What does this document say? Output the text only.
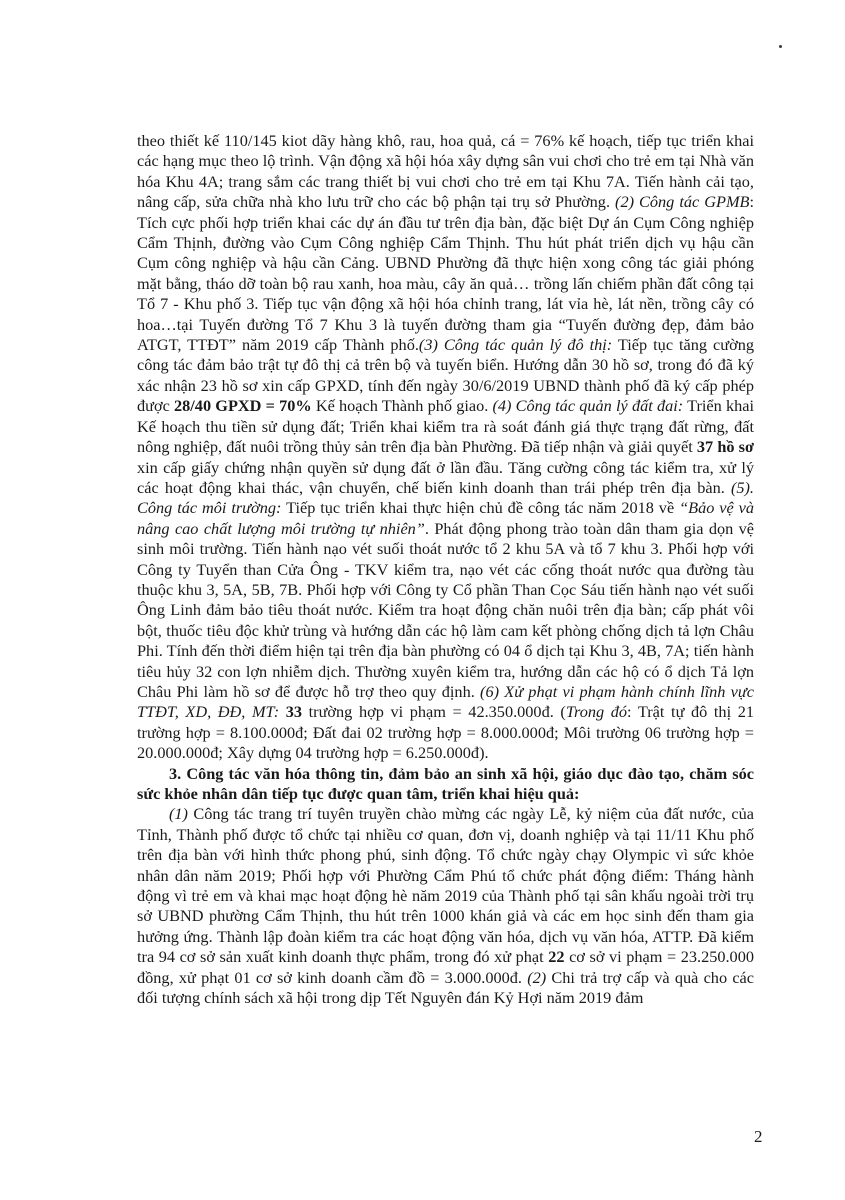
theo thiết kế 110/145 kiot dãy hàng khô, rau, hoa quả, cá = 76% kế hoạch, tiếp tục triển khai các hạng mục theo lộ trình. Vận động xã hội hóa xây dựng sân vui chơi cho trẻ em tại Nhà văn hóa Khu 4A; trang sắm các trang thiết bị vui chơi cho trẻ em tại Khu 7A. Tiến hành cải tạo, nâng cấp, sửa chữa nhà kho lưu trữ cho các bộ phận tại trụ sở Phường. (2) Công tác GPMB: Tích cực phối hợp triển khai các dự án đầu tư trên địa bàn, đặc biệt Dự án Cụm Công nghiệp Cẩm Thịnh, đường vào Cụm Công nghiệp Cẩm Thịnh. Thu hút phát triển dịch vụ hậu cần Cụm công nghiệp và hậu cần Cảng. UBND Phường đã thực hiện xong công tác giải phóng mặt bằng, tháo dỡ toàn bộ rau xanh, hoa màu, cây ăn quả… trồng lấn chiếm phần đất công tại Tổ 7 - Khu phố 3. Tiếp tục vận động xã hội hóa chỉnh trang, lát vỉa hè, lát nền, trồng cây có hoa…tại Tuyến đường Tổ 7 Khu 3 là tuyến đường tham gia “Tuyến đường đẹp, đảm bảo ATGT, TTĐT” năm 2019 cấp Thành phố.(3) Công tác quản lý đô thị: Tiếp tục tăng cường công tác đảm bảo trật tự đô thị cả trên bộ và tuyến biển. Hướng dẫn 30 hồ sơ, trong đó đã ký xác nhận 23 hồ sơ xin cấp GPXD, tính đến ngày 30/6/2019 UBND thành phố đã ký cấp phép được 28/40 GPXD = 70% Kế hoạch Thành phố giao. (4) Công tác quản lý đất đai: Triển khai Kế hoạch thu tiền sử dụng đất; Triển khai kiểm tra rà soát đánh giá thực trạng đất rừng, đất nông nghiệp, đất nuôi trồng thủy sản trên địa bàn Phường. Đã tiếp nhận và giải quyết 37 hồ sơ xin cấp giấy chứng nhận quyền sử dụng đất ở lần đầu. Tăng cường công tác kiểm tra, xử lý các hoạt động khai thác, vận chuyển, chế biến kinh doanh than trái phép trên địa bàn. (5). Công tác môi trường: Tiếp tục triển khai thực hiện chủ đề công tác năm 2018 về “Bảo vệ và nâng cao chất lượng môi trường tự nhiên”. Phát động phong trào toàn dân tham gia dọn vệ sinh môi trường. Tiến hành nạo vét suối thoát nước tổ 2 khu 5A và tổ 7 khu 3. Phối hợp với Công ty Tuyển than Cửa Ông - TKV kiểm tra, nạo vét các cống thoát nước qua đường tàu thuộc khu 3, 5A, 5B, 7B. Phối hợp với Công ty Cổ phần Than Cọc Sáu tiến hành nạo vét suối Ông Linh đảm bảo tiêu thoát nước. Kiểm tra hoạt động chăn nuôi trên địa bàn; cấp phát vôi bột, thuốc tiêu độc khử trùng và hướng dẫn các hộ làm cam kết phòng chống dịch tả lợn Châu Phi. Tính đến thời điểm hiện tại trên địa bàn phường có 04 ổ dịch tại Khu 3, 4B, 7A; tiến hành tiêu hủy 32 con lợn nhiễm dịch. Thường xuyên kiểm tra, hướng dẫn các hộ có ổ dịch Tả lợn Châu Phi làm hồ sơ để được hỗ trợ theo quy định. (6) Xử phạt vi phạm hành chính lĩnh vực TTĐT, XD, ĐĐ, MT: 33 trường hợp vi phạm = 42.350.000đ. (Trong đó: Trật tự đô thị 21 trường hợp = 8.100.000đ; Đất đai 02 trường hợp = 8.000.000đ; Môi trường 06 trường hợp = 20.000.000đ; Xây dựng 04 trường hợp = 6.250.000đ).

3. Công tác văn hóa thông tin, đảm bảo an sinh xã hội, giáo dục đào tạo, chăm sóc sức khỏe nhân dân tiếp tục được quan tâm, triển khai hiệu quả:

(1) Công tác trang trí tuyên truyền chào mừng các ngày Lễ, kỷ niệm của đất nước, của Tỉnh, Thành phố được tổ chức tại nhiều cơ quan, đơn vị, doanh nghiệp và tại 11/11 Khu phố trên địa bàn với hình thức phong phú, sinh động. Tổ chức ngày chạy Olympic vì sức khỏe nhân dân năm 2019; Phối hợp với Phường Cẩm Phú tổ chức phát động điểm: Tháng hành động vì trẻ em và khai mạc hoạt động hè năm 2019 của Thành phố tại sân khấu ngoài trời trụ sở UBND phường Cẩm Thịnh, thu hút trên 1000 khán giả và các em học sinh đến tham gia hưởng ứng. Thành lập đoàn kiểm tra các hoạt động văn hóa, dịch vụ văn hóa, ATTP. Đã kiểm tra 94 cơ sở sản xuất kinh doanh thực phẩm, trong đó xử phạt 22 cơ sở vi phạm = 23.250.000 đồng, xử phạt 01 cơ sở kinh doanh cầm đồ = 3.000.000đ. (2) Chi trả trợ cấp và quà cho các đối tượng chính sách xã hội trong dịp Tết Nguyên đán Kỷ Hợi năm 2019 đảm

2
